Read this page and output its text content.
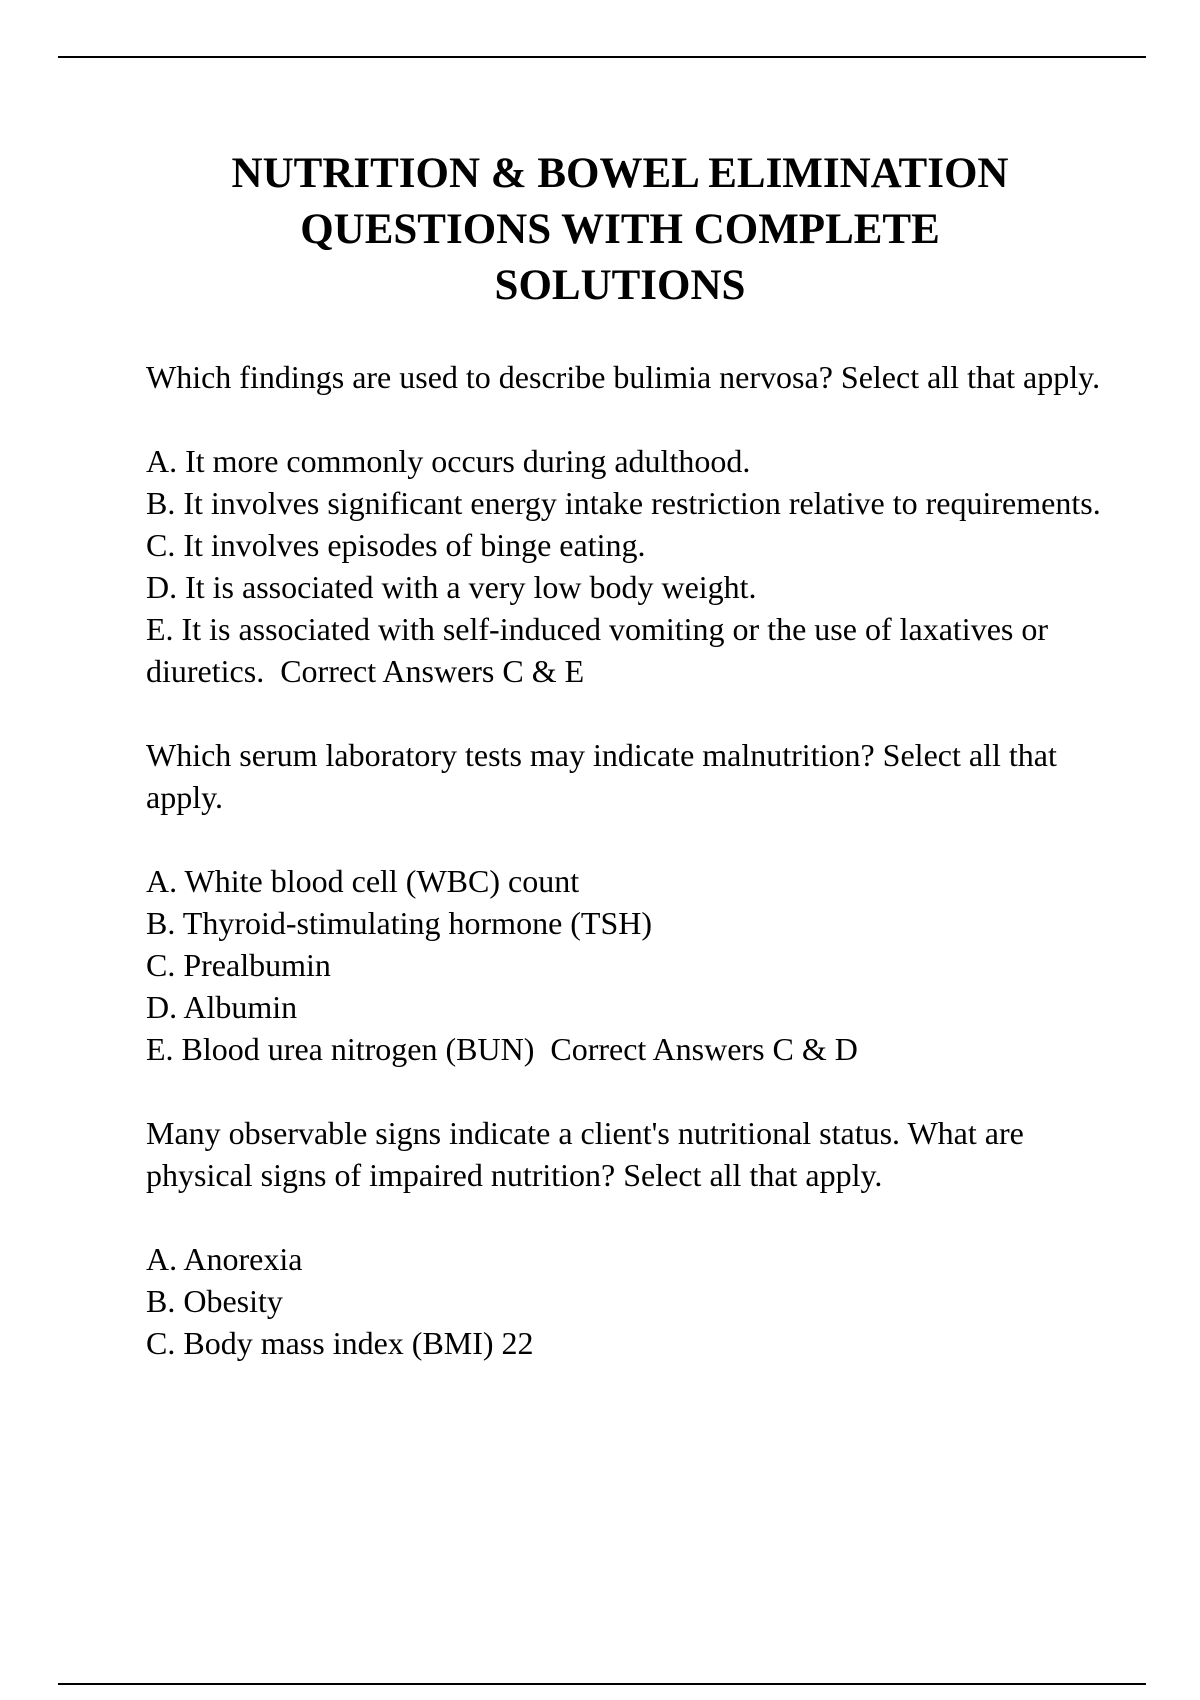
NUTRITION & BOWEL ELIMINATION
QUESTIONS WITH COMPLETE
SOLUTIONS

Which findings are used to describe bulimia nervosa? Select all that apply.

A. It more commonly occurs during adulthood.
B. It involves significant energy intake restriction relative to requirements.
C. It involves episodes of binge eating.
D. It is associated with a very low body weight.
E. It is associated with self-induced vomiting or the use of laxatives or diuretics. Correct Answers C & E

Which serum laboratory tests may indicate malnutrition? Select all that apply.

A. White blood cell (WBC) count
B. Thyroid-stimulating hormone (TSH)
C. Prealbumin
D. Albumin
E. Blood urea nitrogen (BUN) Correct Answers C & D

Many observable signs indicate a client's nutritional status. What are physical signs of impaired nutrition? Select all that apply.

A. Anorexia
B. Obesity
C. Body mass index (BMI) 22
